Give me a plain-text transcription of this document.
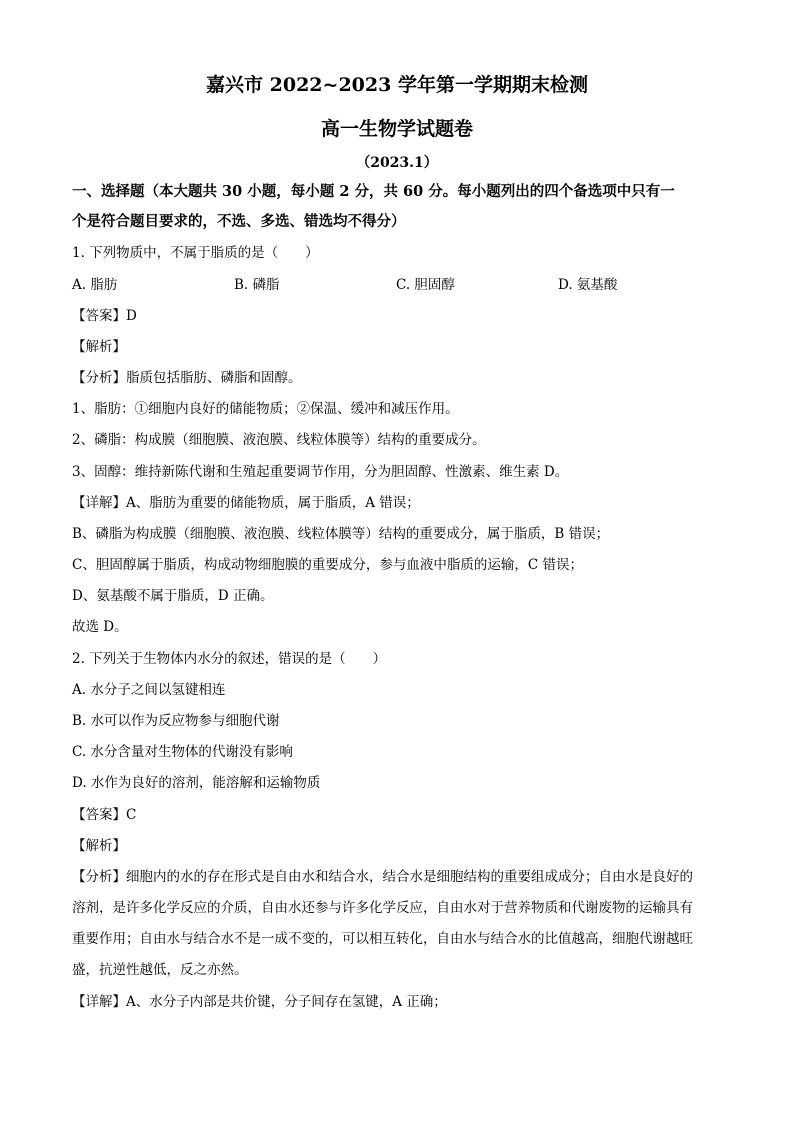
嘉兴市 2022~2023 学年第一学期期末检测
高一生物学试题卷
（2023.1）
一、选择题（本大题共 30 小题，每小题 2 分，共 60 分。每小题列出的四个备选项中只有一
个是符合题目要求的，不选、多选、错选均不得分）
1. 下列物质中，不属于脂质的是（　　）
A. 脂肪	B. 磷脂	C. 胆固醇	D. 氨基酸
【答案】D
【解析】
【分析】脂质包括脂肪、磷脂和固醇。
1、脂肪：①细胞内良好的储能物质；②保温、缓冲和减压作用。
2、磷脂：构成膜（细胞膜、液泡膜、线粒体膜等）结构的重要成分。
3、固醇：维持新陈代谢和生殖起重要调节作用，分为胆固醇、性激素、维生素 D。
【详解】A、脂肪为重要的储能物质，属于脂质，A 错误；
B、磷脂为构成膜（细胞膜、液泡膜、线粒体膜等）结构的重要成分，属于脂质，B 错误；
C、胆固醇属于脂质，构成动物细胞膜的重要成分，参与血液中脂质的运输，C 错误；
D、氨基酸不属于脂质，D 正确。
故选 D。
2. 下列关于生物体内水分的叙述，错误的是（　　）
A. 水分子之间以氢键相连
B. 水可以作为反应物参与细胞代谢
C. 水分含量对生物体的代谢没有影响
D. 水作为良好的溶剂，能溶解和运输物质
【答案】C
【解析】
【分析】细胞内的水的存在形式是自由水和结合水，结合水是细胞结构的重要组成成分；自由水是良好的
溶剂，是许多化学反应的介质，自由水还参与许多化学反应，自由水对于营养物质和代谢废物的运输具有
重要作用；自由水与结合水不是一成不变的，可以相互转化，自由水与结合水的比值越高，细胞代谢越旺
盛，抗逆性越低，反之亦然。
【详解】A、水分子内部是共价键，分子间存在氢键，A 正确；
